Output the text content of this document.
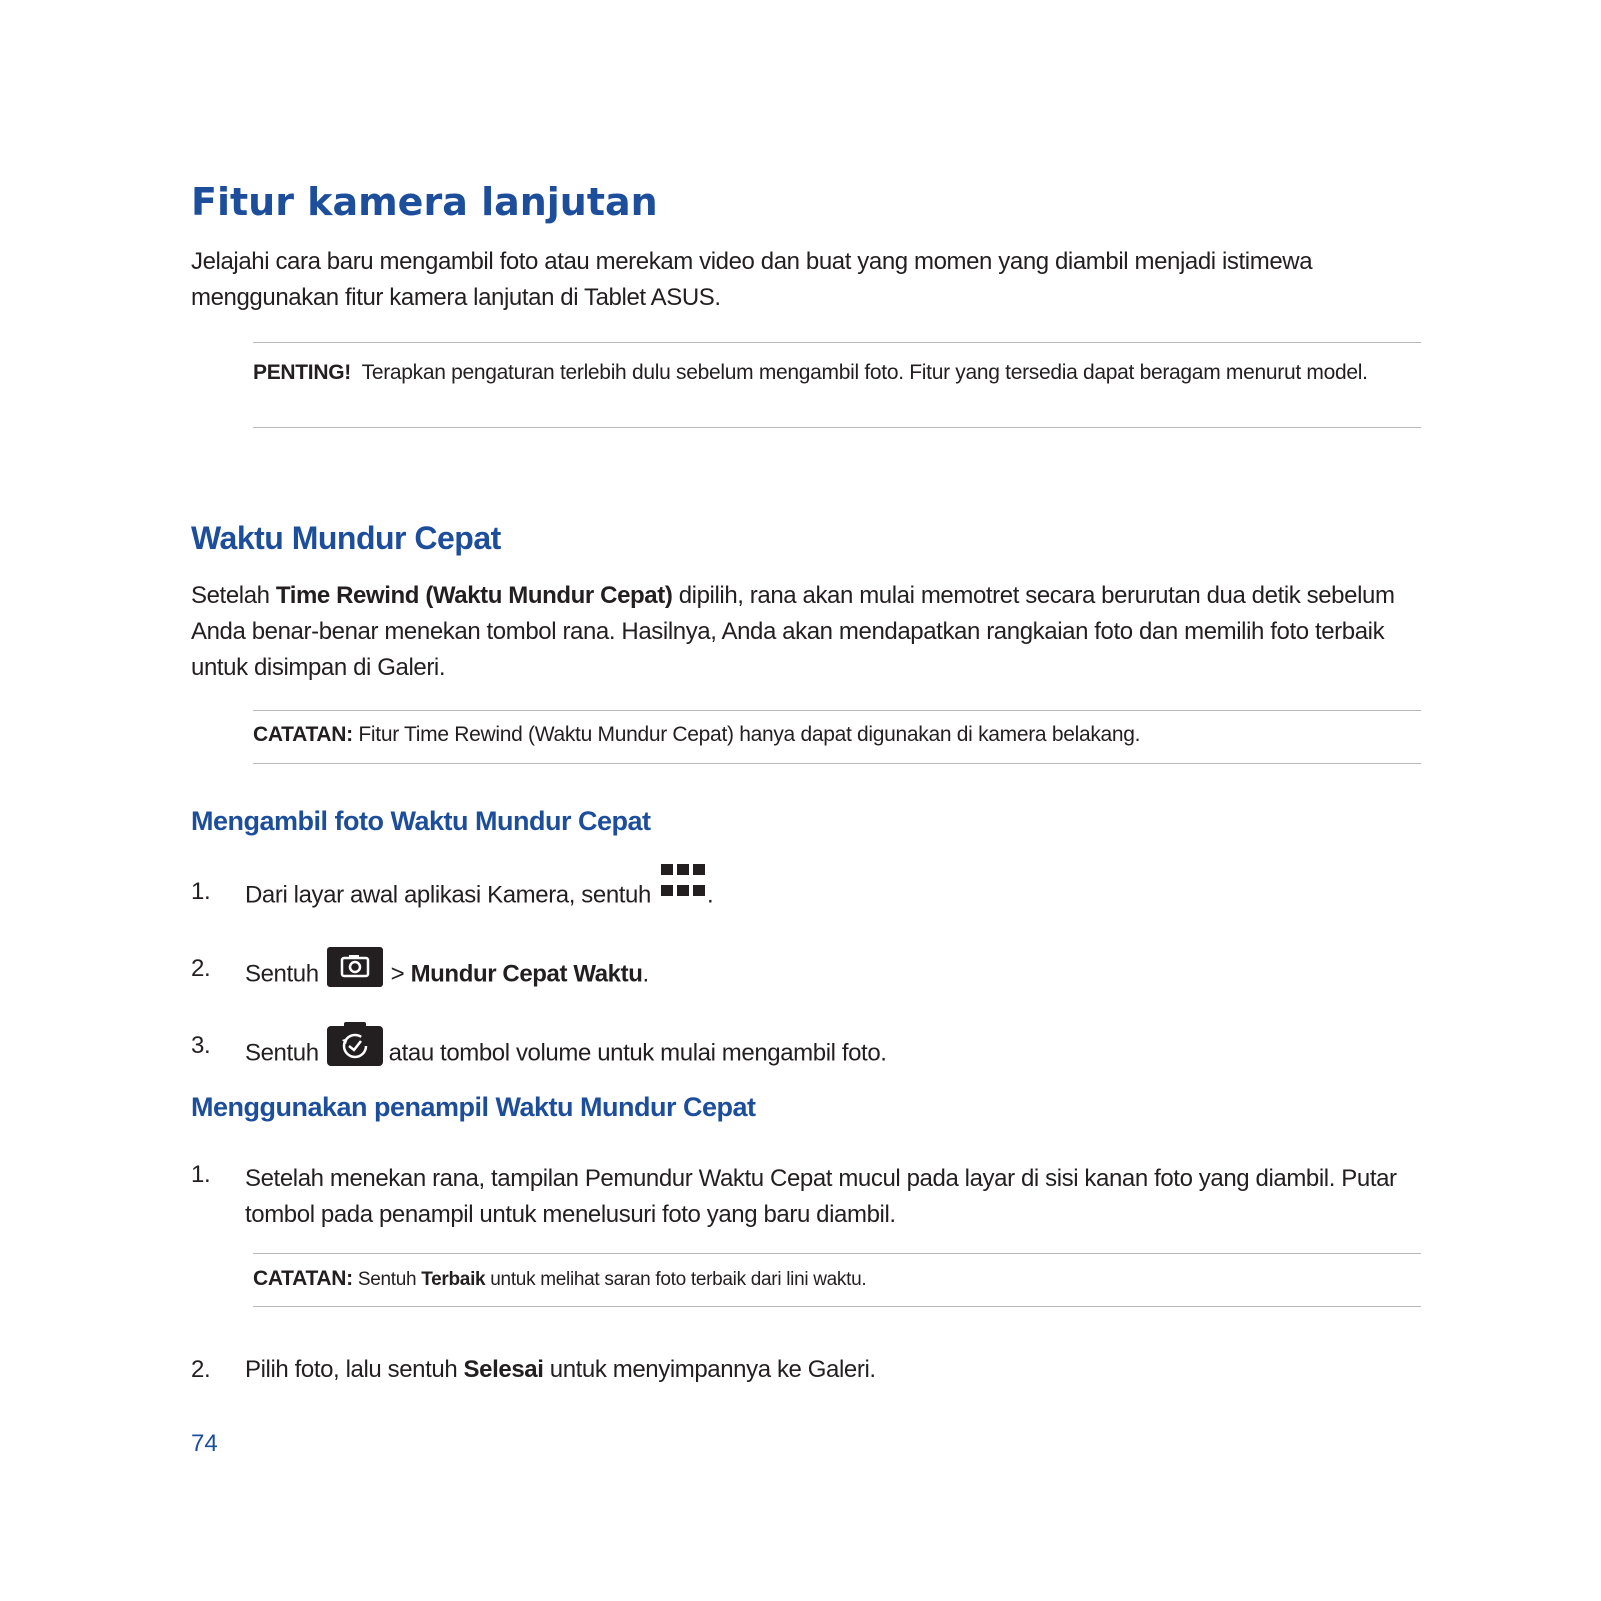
Fitur kamera lanjutan
Jelajahi cara baru mengambil foto atau merekam video dan buat yang momen yang diambil menjadi istimewa menggunakan fitur kamera lanjutan di Tablet ASUS.
PENTING! Terapkan pengaturan terlebih dulu sebelum mengambil foto. Fitur yang tersedia dapat beragam menurut model.
Waktu Mundur Cepat
Setelah Time Rewind (Waktu Mundur Cepat) dipilih, rana akan mulai memotret secara berurutan dua detik sebelum Anda benar-benar menekan tombol rana. Hasilnya, Anda akan mendapatkan rangkaian foto dan memilih foto terbaik untuk disimpan di Galeri.
CATATAN: Fitur Time Rewind (Waktu Mundur Cepat) hanya dapat digunakan di kamera belakang.
Mengambil foto Waktu Mundur Cepat
1. Dari layar awal aplikasi Kamera, sentuh .
2. Sentuh	> Mundur Cepat Waktu.
3. Sentuh	atau tombol volume untuk mulai mengambil foto.
Menggunakan penampil Waktu Mundur Cepat
1. Setelah menekan rana, tampilan Pemundur Waktu Cepat mucul pada layar di sisi kanan foto yang diambil. Putar tombol pada penampil untuk menelusuri foto yang baru diambil.
CATATAN: Sentuh Terbaik untuk melihat saran foto terbaik dari lini waktu.
2. Pilih foto, lalu sentuh Selesai untuk menyimpannya ke Galeri.
74
